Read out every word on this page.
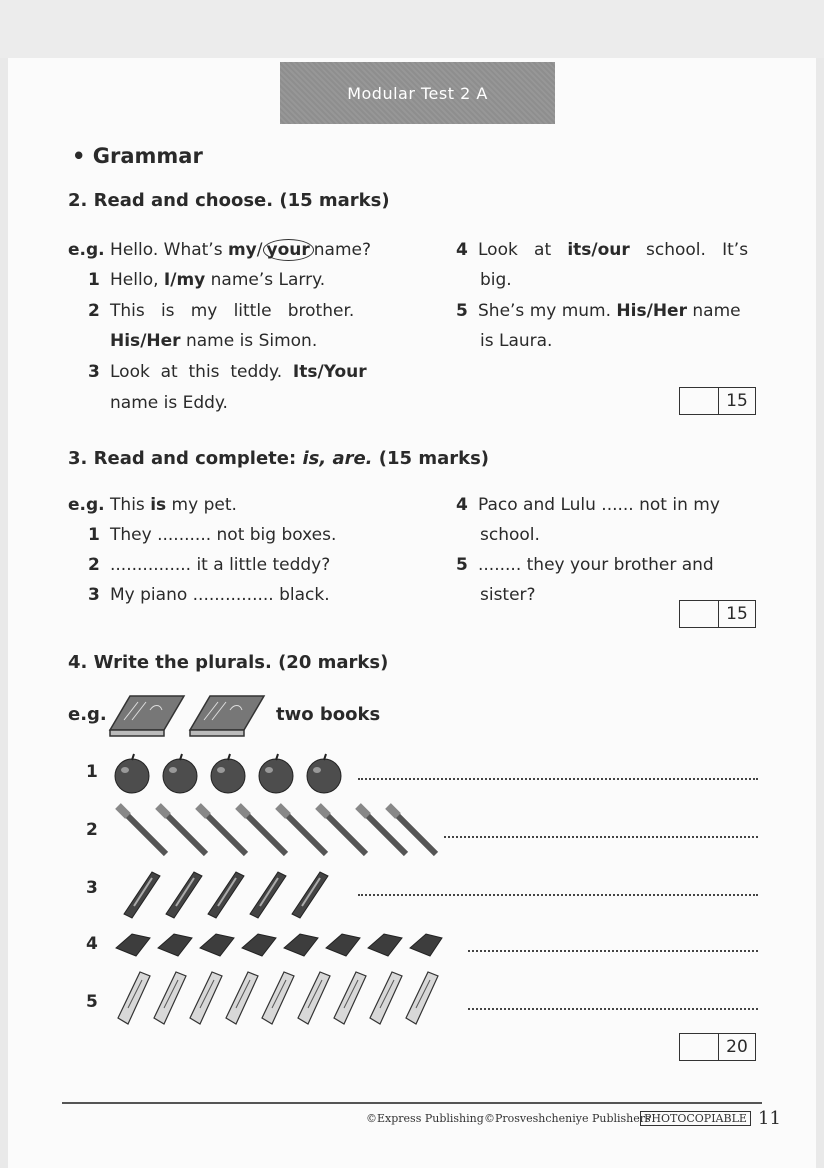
Modular Test 2 A
• Grammar
2. Read and choose. (15 marks)
e.g. Hello. What’s my/ your name?
1 Hello, I/my name’s Larry.
2 This   is   my   little   brother.
His/Her name is Simon.
3 Look  at  this  teddy.  Its/Your
name is Eddy.
4 Look   at   its/our   school.   It’s
big.
5 She’s my mum. His/Her name
is Laura.
15
3. Read and complete: is, are. (15 marks)
e.g. This is my pet.
1 They .......... not big boxes.
2 ............... it a little teddy?
3 My piano ............... black.
4 Paco and Lulu ...... not in my
school.
5 ........ they your brother and
sister?
15
4. Write the plurals. (20 marks)
e.g.	two books
1
2
3
4
5
20
©Express Publishing ©Prosveshcheniye Publishers
PHOTOCOPIABLE 11
